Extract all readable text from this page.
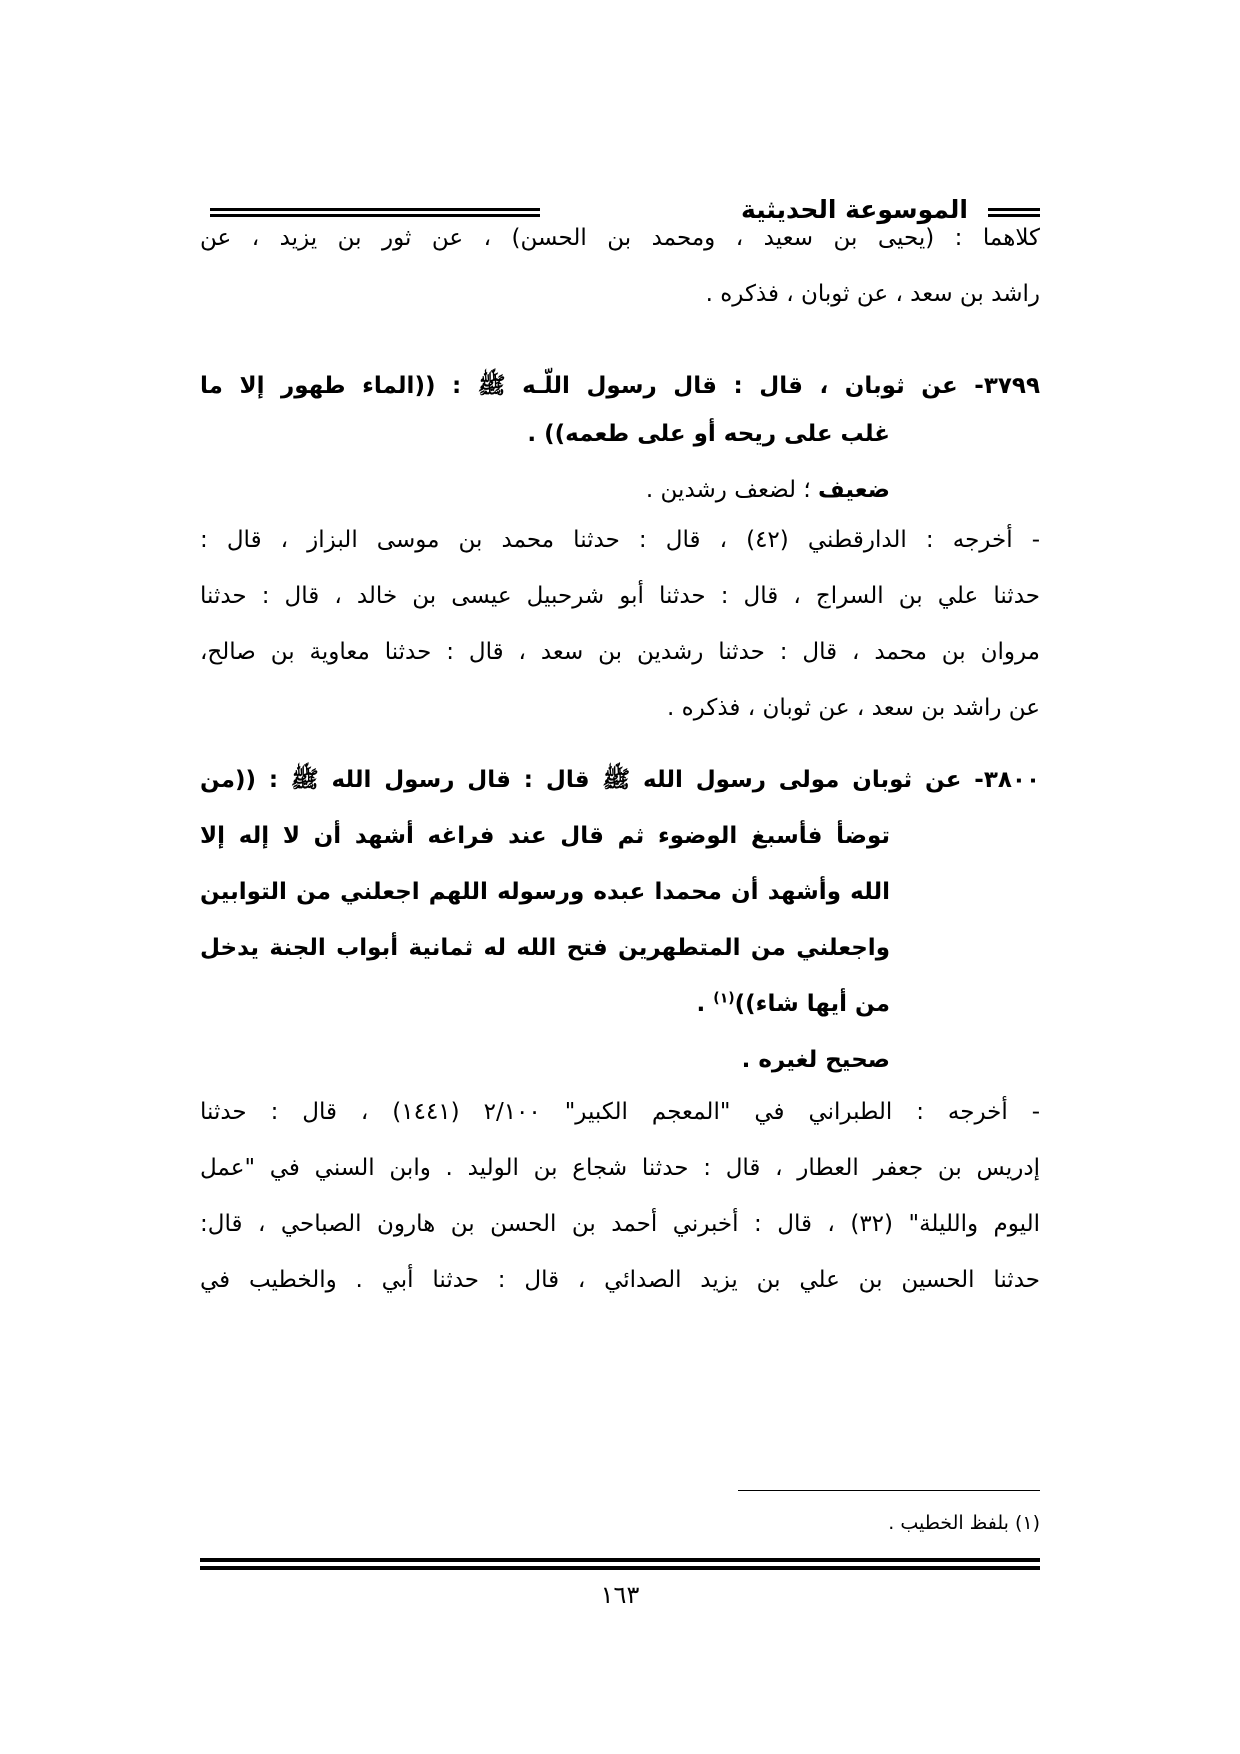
الموسوعة الحديثية
كلاهما : (يحيى بن سعيد ، ومحمد بن الحسن) ، عن ثور بن يزيد ، عن
راشد بن سعد ، عن ثوبان ، فذكره .
٣٧٩٩- عن ثوبان ، قال : قال رسول اللّـه ﷺ : ((الماء طهور إلا ما
غلب على ريحه أو على طعمه)) .
ضعيف ؛ لضعف رشدين .
- أخرجه : الدارقطني (٤٢) ، قال : حدثنا محمد بن موسى البزاز ، قال :
حدثنا علي بن السراج ، قال : حدثنا أبو شرحبيل عيسى بن خالد ، قال : حدثنا
مروان بن محمد ، قال : حدثنا رشدين بن سعد ، قال : حدثنا معاوية بن صالح،
عن راشد بن سعد ، عن ثوبان ، فذكره .
٣٨٠٠- عن ثوبان مولى رسول الله ﷺ قال : قال رسول الله ﷺ : ((من
توضأ فأسبغ الوضوء ثم قال عند فراغه أشهد أن لا إله إلا
الله وأشهد أن محمدا عبده ورسوله اللهم اجعلني من التوابين
واجعلني من المتطهرين فتح الله له ثمانية أبواب الجنة يدخل
من أيها شاء))$^{(١)}$ .
صحيح لغيره .
- أخرجه : الطبراني في "المعجم الكبير" ٢/١٠٠ (١٤٤١) ، قال : حدثنا
إدريس بن جعفر العطار ، قال : حدثنا شجاع بن الوليد . وابن السني في "عمل
اليوم والليلة" (٣٢) ، قال : أخبرني أحمد بن الحسن بن هارون الصباحي ، قال:
حدثنا الحسين بن علي بن يزيد الصدائي ، قال : حدثنا أبي . والخطيب في
(١) بلفظ الخطيب .
١٦٣
